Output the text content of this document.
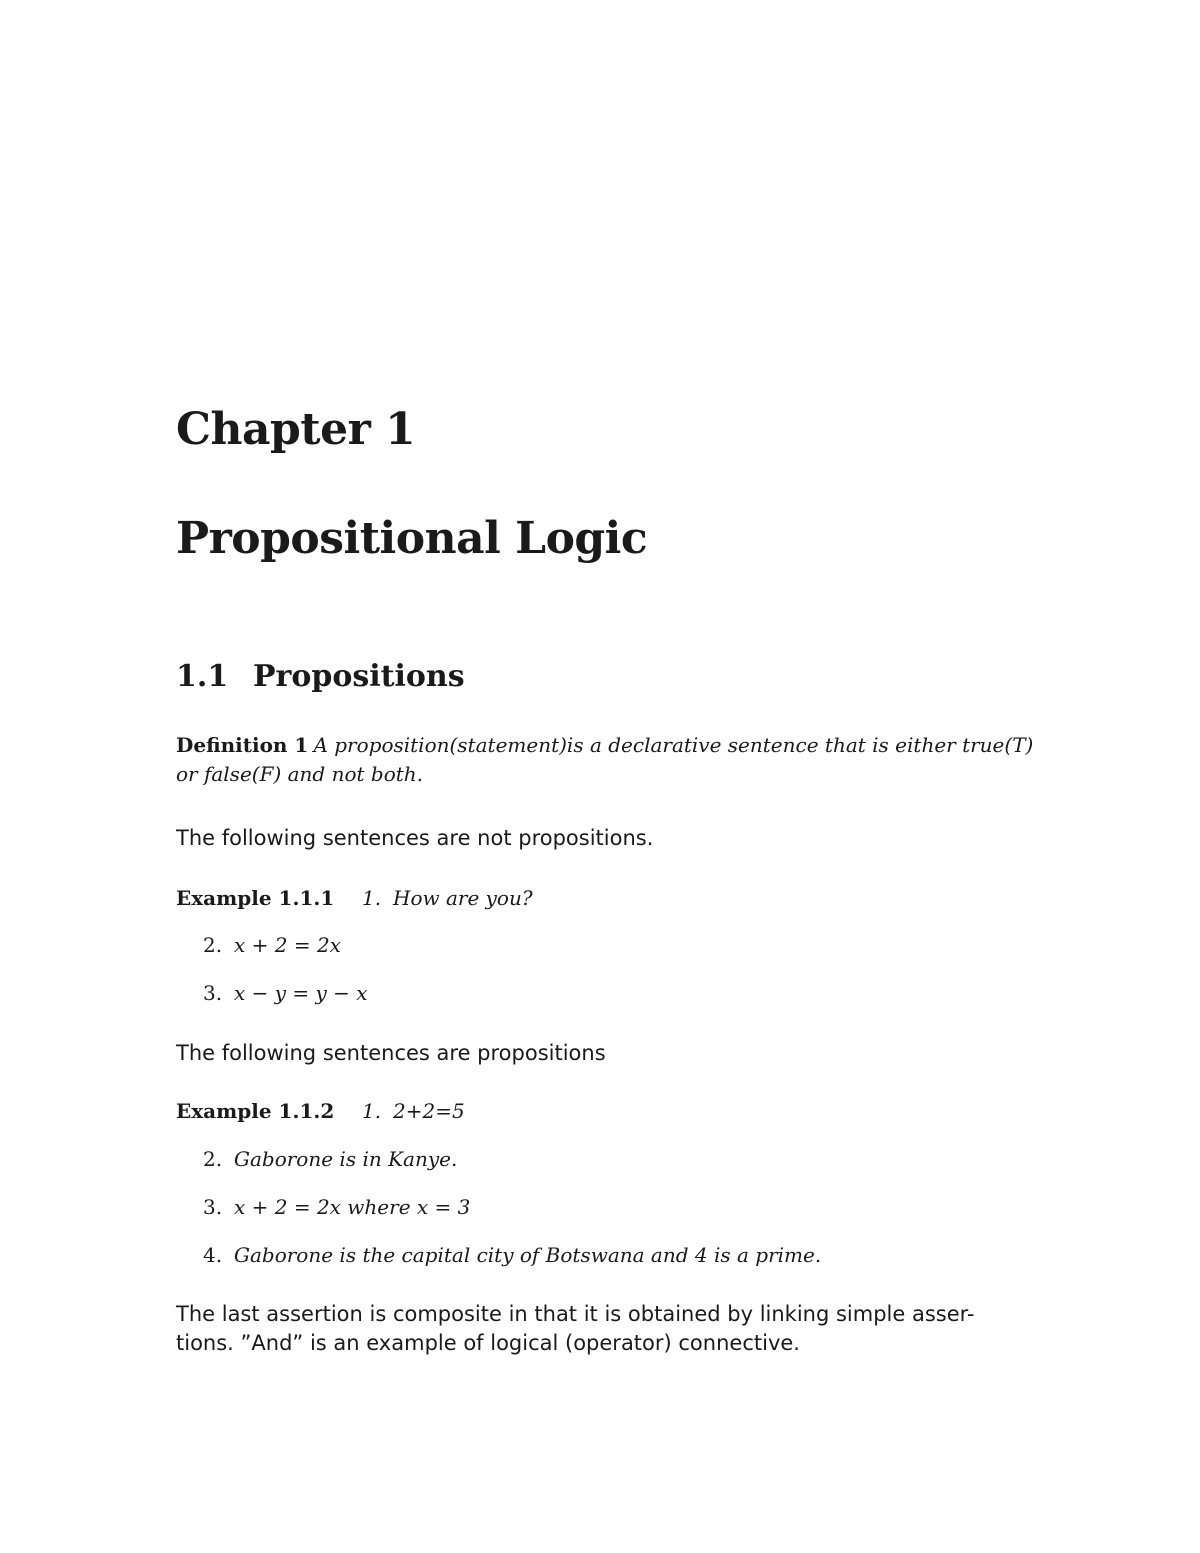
Chapter 1
Propositional Logic
1.1 Propositions
Definition 1 A proposition(statement)is a declarative sentence that is either true(T)
or false(F) and not both.
The following sentences are not propositions.
Example 1.1.1 1. How are you?
2. x + 2 = 2x
3. x − y = y − x
The following sentences are propositions
Example 1.1.2 1. 2+2=5
2. Gaborone is in Kanye.
3. x + 2 = 2x where x = 3
4. Gaborone is the capital city of Botswana and 4 is a prime.
The last assertion is composite in that it is obtained by linking simple asser-
tions. ”And” is an example of logical (operator) connective.
